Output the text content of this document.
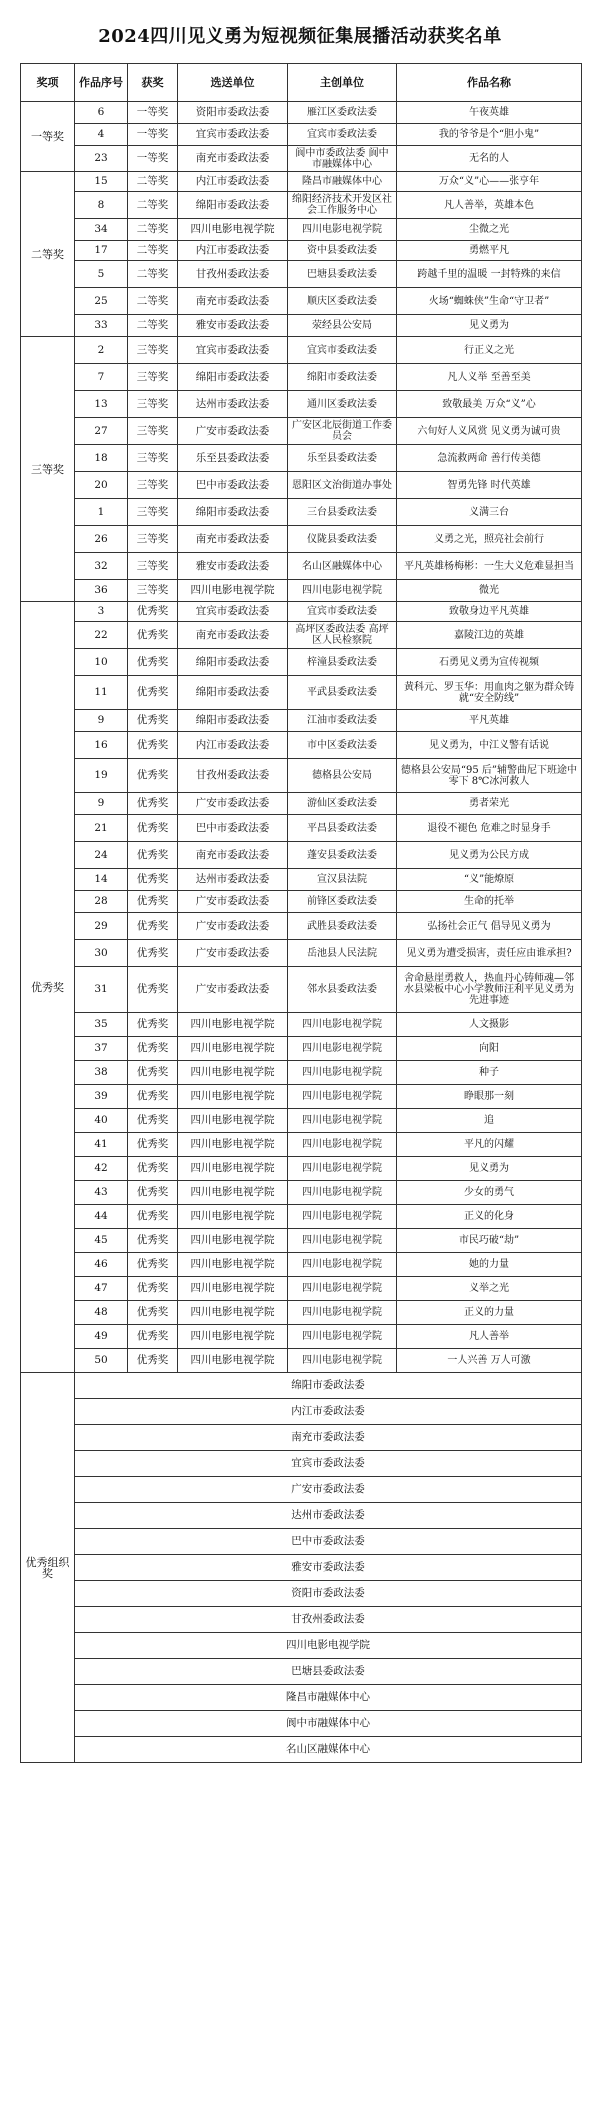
2024四川见义勇为短视频征集展播活动获奖名单
奖项	作品序号	获奖	选送单位	主创单位	作品名称
一等奖	6	一等奖	资阳市委政法委	雁江区委政法委	午夜英雄
	4	一等奖	宜宾市委政法委	宜宾市委政法委	我的爷爷是个“胆小鬼”
	23	一等奖	南充市委政法委	阆中市委政法委 阆中市融媒体中心	无名的人
二等奖	15	二等奖	内江市委政法委	隆昌市融媒体中心	万众“义”心——张亨年
	8	二等奖	绵阳市委政法委	绵阳经济技术开发区社会工作服务中心	凡人善举，英雄本色
	34	二等奖	四川电影电视学院	四川电影电视学院	尘微之光
	17	二等奖	内江市委政法委	资中县委政法委	勇燃平凡
	5	二等奖	甘孜州委政法委	巴塘县委政法委	跨越千里的温暖 一封特殊的来信
	25	二等奖	南充市委政法委	顺庆区委政法委	火场“蜘蛛侠”生命“守卫者”
	33	二等奖	雅安市委政法委	荥经县公安局	见义勇为
三等奖	2	三等奖	宜宾市委政法委	宜宾市委政法委	行正义之光
	7	三等奖	绵阳市委政法委	绵阳市委政法委	凡人义举 至善至美
	13	三等奖	达州市委政法委	通川区委政法委	致敬最美 万众“义”心
	27	三等奖	广安市委政法委	广安区北辰街道工作委员会	六旬好人义风赏 见义勇为诚可贵
	18	三等奖	乐至县委政法委	乐至县委政法委	急流救两命 善行传美德
	20	三等奖	巴中市委政法委	恩阳区文治街道办事处	智勇先锋 时代英雄
	1	三等奖	绵阳市委政法委	三台县委政法委	义满三台
	26	三等奖	南充市委政法委	仪陇县委政法委	义勇之光，照亮社会前行
	32	三等奖	雅安市委政法委	名山区融媒体中心	平凡英雄杨梅彬：一生大义危难显担当
	36	三等奖	四川电影电视学院	四川电影电视学院	微光
优秀奖	3	优秀奖	宜宾市委政法委	宜宾市委政法委	致敬身边平凡英雄
	22	优秀奖	南充市委政法委	高坪区委政法委 高坪区人民检察院	嘉陵江边的英雄
	10	优秀奖	绵阳市委政法委	梓潼县委政法委	石勇见义勇为宣传视频
	11	优秀奖	绵阳市委政法委	平武县委政法委	黄科元、罗玉华：用血肉之躯为群众铸就“安全防线”
	9	优秀奖	绵阳市委政法委	江油市委政法委	平凡英雄
	16	优秀奖	内江市委政法委	市中区委政法委	见义勇为，中江义警有话说
	19	优秀奖	甘孜州委政法委	德格县公安局	德格县公安局“95 后”辅警曲尼下班途中零下 8℃冰河救人
	9	优秀奖	广安市委政法委	游仙区委政法委	勇者荣光
	21	优秀奖	巴中市委政法委	平昌县委政法委	退役不褪色 危难之时显身手
	24	优秀奖	南充市委政法委	蓬安县委政法委	见义勇为公民方成
	14	优秀奖	达州市委政法委	宣汉县法院	“义”能燎原
	28	优秀奖	广安市委政法委	前锋区委政法委	生命的托举
	29	优秀奖	广安市委政法委	武胜县委政法委	弘扬社会正气 倡导见义勇为
	30	优秀奖	广安市委政法委	岳池县人民法院	见义勇为遭受损害，责任应由谁承担?
	31	优秀奖	广安市委政法委	邻水县委政法委	舍命悬崖勇救人，热血丹心铸师魂—邻水县梁板中心小学教师汪利平见义勇为先进事迹
	35	优秀奖	四川电影电视学院	四川电影电视学院	人文摄影
	37	优秀奖	四川电影电视学院	四川电影电视学院	向阳
	38	优秀奖	四川电影电视学院	四川电影电视学院	种子
	39	优秀奖	四川电影电视学院	四川电影电视学院	睁眼那一刻
	40	优秀奖	四川电影电视学院	四川电影电视学院	追
	41	优秀奖	四川电影电视学院	四川电影电视学院	平凡的闪耀
	42	优秀奖	四川电影电视学院	四川电影电视学院	见义勇为
	43	优秀奖	四川电影电视学院	四川电影电视学院	少女的勇气
	44	优秀奖	四川电影电视学院	四川电影电视学院	正义的化身
	45	优秀奖	四川电影电视学院	四川电影电视学院	市民巧破“劫”
	46	优秀奖	四川电影电视学院	四川电影电视学院	她的力量
	47	优秀奖	四川电影电视学院	四川电影电视学院	义举之光
	48	优秀奖	四川电影电视学院	四川电影电视学院	正义的力量
	49	优秀奖	四川电影电视学院	四川电影电视学院	凡人善举
	50	优秀奖	四川电影电视学院	四川电影电视学院	一人兴善 万人可激
优秀组织奖	绵阳市委政法委				
	内江市委政法委				
	南充市委政法委				
	宜宾市委政法委				
	广安市委政法委				
	达州市委政法委				
	巴中市委政法委				
	雅安市委政法委				
	资阳市委政法委				
	甘孜州委政法委				
	四川电影电视学院				
	巴塘县委政法委				
	隆昌市融媒体中心				
	阆中市融媒体中心				
	名山区融媒体中心				
